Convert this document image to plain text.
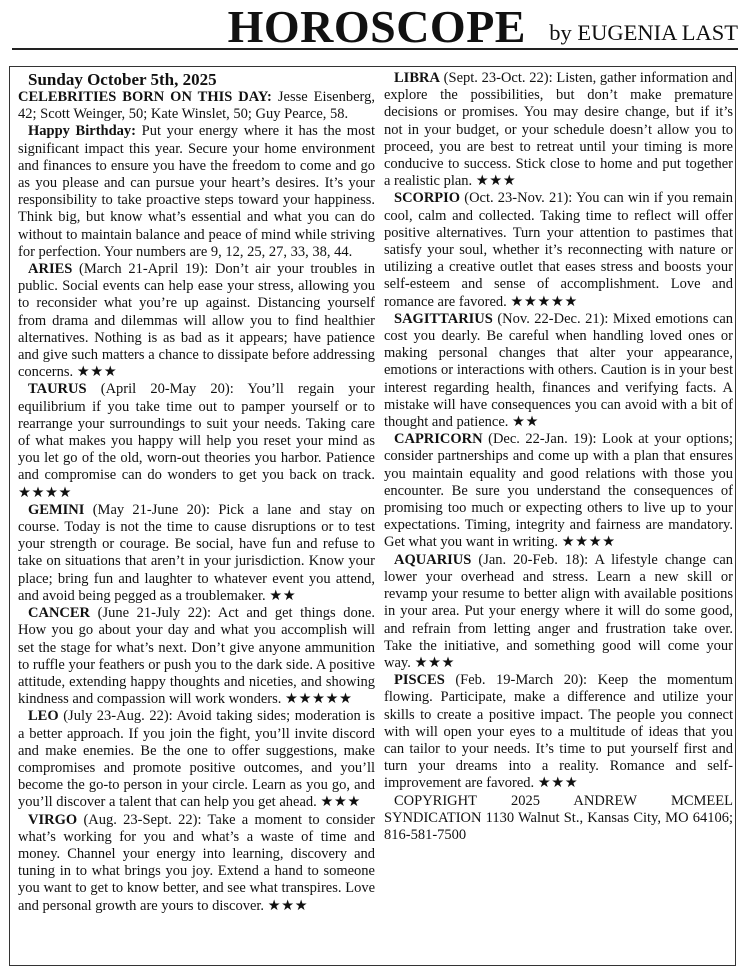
HOROSCOPE by EUGENIA LAST

Sunday October 5th, 2025

CELEBRITIES BORN ON THIS DAY: Jesse Eisenberg, 42; Scott Weinger, 50; Kate Winslet, 50; Guy Pearce, 58.

Happy Birthday: Put your energy where it has the most significant impact this year. Secure your home environment and finances to ensure you have the freedom to come and go as you please and can pursue your heart’s desires. It’s your responsibility to take proactive steps toward your happiness. Think big, but know what’s essential and what you can do without to maintain balance and peace of mind while striving for perfection. Your numbers are 9, 12, 25, 27, 33, 38, 44.

ARIES (March 21-April 19): Don’t air your troubles in public. Social events can help ease your stress, allowing you to reconsider what you’re up against. Distancing yourself from drama and dilemmas will allow you to find healthier alternatives. Nothing is as bad as it appears; have patience and give such matters a chance to dissipate before addressing concerns. ★★★

TAURUS (April 20-May 20): You’ll regain your equilibrium if you take time out to pamper yourself or to rearrange your surroundings to suit your needs. Taking care of what makes you happy will help you reset your mind as you let go of the old, worn-out theories you harbor. Patience and compromise can do wonders to get you back on track. ★★★★

GEMINI (May 21-June 20): Pick a lane and stay on course. Today is not the time to cause disruptions or to test your strength or courage. Be social, have fun and refuse to take on situations that aren’t in your jurisdiction. Know your place; bring fun and laughter to whatever event you attend, and avoid being pegged as a troublemaker. ★★

CANCER (June 21-July 22): Act and get things done. How you go about your day and what you accomplish will set the stage for what’s next. Don’t give anyone ammunition to ruffle your feathers or push you to the dark side. A positive attitude, extending happy thoughts and niceties, and showing kindness and compassion will work wonders. ★★★★★

LEO (July 23-Aug. 22): Avoid taking sides; moderation is a better approach. If you join the fight, you’ll invite discord and make enemies. Be the one to offer suggestions, make compromises and promote positive outcomes, and you’ll become the go-to person in your circle. Learn as you go, and you’ll discover a talent that can help you get ahead. ★★★

VIRGO (Aug. 23-Sept. 22): Take a moment to consider what’s working for you and what’s a waste of time and money. Channel your energy into learning, discovery and tuning in to what brings you joy. Extend a hand to someone you want to get to know better, and see what transpires. Love and personal growth are yours to discover. ★★★

LIBRA (Sept. 23-Oct. 22): Listen, gather information and explore the possibilities, but don’t make premature decisions or promises. You may desire change, but if it’s not in your budget, or your schedule doesn’t allow you to proceed, you are best to retreat until your timing is more conducive to success. Stick close to home and put together a realistic plan. ★★★

SCORPIO (Oct. 23-Nov. 21): You can win if you remain cool, calm and collected. Taking time to reflect will offer positive alternatives. Turn your attention to pastimes that satisfy your soul, whether it’s reconnecting with nature or utilizing a creative outlet that eases stress and boosts your self-esteem and sense of accomplishment. Love and romance are favored. ★★★★★

SAGITTARIUS (Nov. 22-Dec. 21): Mixed emotions can cost you dearly. Be careful when handling loved ones or making personal changes that alter your appearance, emotions or interactions with others. Caution is in your best interest regarding health, finances and verifying facts. A mistake will have consequences you can avoid with a bit of thought and patience. ★★

CAPRICORN (Dec. 22-Jan. 19): Look at your options; consider partnerships and come up with a plan that ensures you maintain equality and good relations with those you encounter. Be sure you understand the consequences of promising too much or expecting others to live up to your expectations. Timing, integrity and fairness are mandatory. Get what you want in writing. ★★★★

AQUARIUS (Jan. 20-Feb. 18): A lifestyle change can lower your overhead and stress. Learn a new skill or revamp your resume to better align with available positions in your area. Put your energy where it will do some good, and refrain from letting anger and frustration take over. Take the initiative, and something good will come your way. ★★★

PISCES (Feb. 19-March 20): Keep the momentum flowing. Participate, make a difference and utilize your skills to create a positive impact. The people you connect with will open your eyes to a multitude of ideas that you can tailor to your needs. It’s time to put yourself first and turn your dreams into a reality. Romance and self-improvement are favored. ★★★

COPYRIGHT 2025 ANDREW MCMEEL SYNDICATION 1130 Walnut St., Kansas City, MO 64106; 816-581-7500
